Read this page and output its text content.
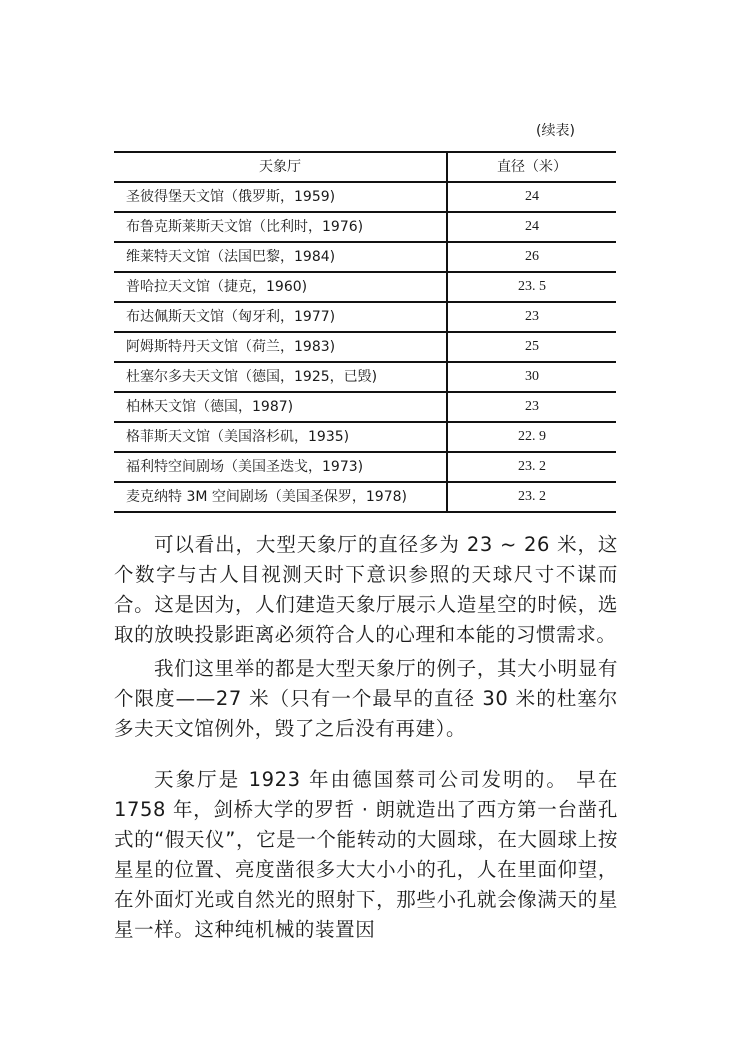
(续表)
天象厅	直径（米）
圣彼得堡天文馆（俄罗斯，1959)	24
布鲁克斯莱斯天文馆（比利时，1976)	24
维莱特天文馆（法国巴黎，1984)	26
普哈拉天文馆（捷克，1960)	23. 5
布达佩斯天文馆（匈牙利，1977)	23
阿姆斯特丹天文馆（荷兰，1983)	25
杜塞尔多夫天文馆（德国，1925，已毁)	30
柏林天文馆（德国，1987)	23
格菲斯天文馆（美国洛杉矶，1935)	22. 9
福利特空间剧场（美国圣迭戈，1973)	23. 2
麦克纳特 3M 空间剧场（美国圣保罗，1978)	23. 2

可以看出，大型天象厅的直径多为 23 ~ 26 米，这个数字与古人目视测天时下意识参照的天球尺寸不谋而合。这是因为，人们建造天象厅展示人造星空的时候，选取的放映投影距离必须符合人的心理和本能的习惯需求。

我们这里举的都是大型天象厅的例子，其大小明显有个限度——27 米（只有一个最早的直径 30 米的杜塞尔多夫天文馆例外，毁了之后没有再建）。

天象厅是 1923 年由德国蔡司公司发明的。 早在 1758 年，剑桥大学的罗哲 · 朗就造出了西方第一台凿孔式的“假天仪”，它是一个能转动的大圆球，在大圆球上按星星的位置、亮度凿很多大大小小的孔，人在里面仰望，在外面灯光或自然光的照射下，那些小孔就会像满天的星星一样。这种纯机械的装置因
